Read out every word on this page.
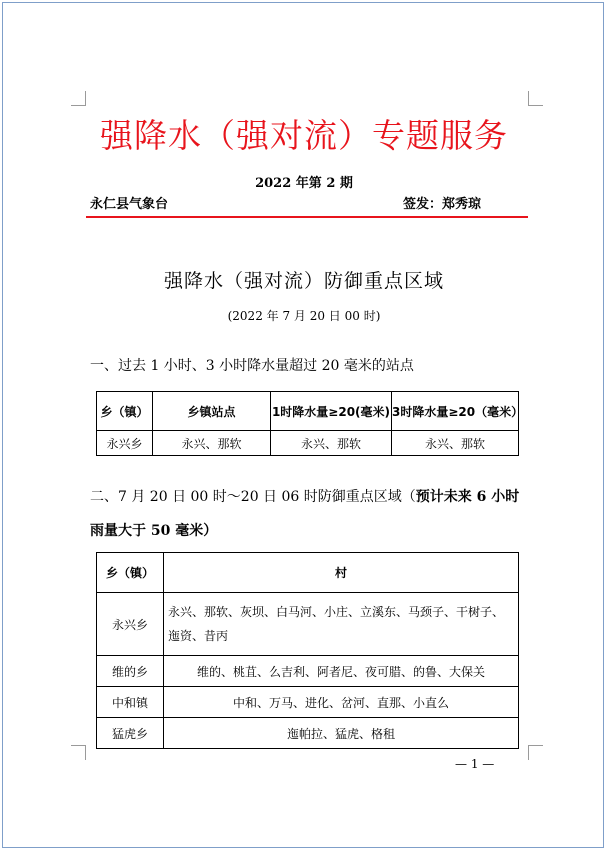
强降水（强对流）专题服务
2022 年第 2 期
永仁县气象台	签发：郑秀琼
强降水（强对流）防御重点区域
(2022 年 7 月 20 日 00 时)
一、过去 1 小时、3 小时降水量超过 20 毫米的站点
乡（镇）	乡镇站点	1时降水量≥20(毫米)	3时降水量≥20（毫米）
永兴乡	永兴、那软	永兴、那软	永兴、那软
二、7 月 20 日 00 时～20 日 06 时防御重点区域（预计未来 6 小时雨量大于 50 毫米）
乡（镇）	村
永兴乡	永兴、那软、灰坝、白马河、小庄、立溪东、马颈子、干树子、 迤资、昔丙
维的乡	维的、桃苴、么吉利、阿者尼、夜可腊、的鲁、大保关
中和镇	中和、万马、进化、岔河、直那、小直么
猛虎乡	迤帕拉、猛虎、格租
— 1 —
